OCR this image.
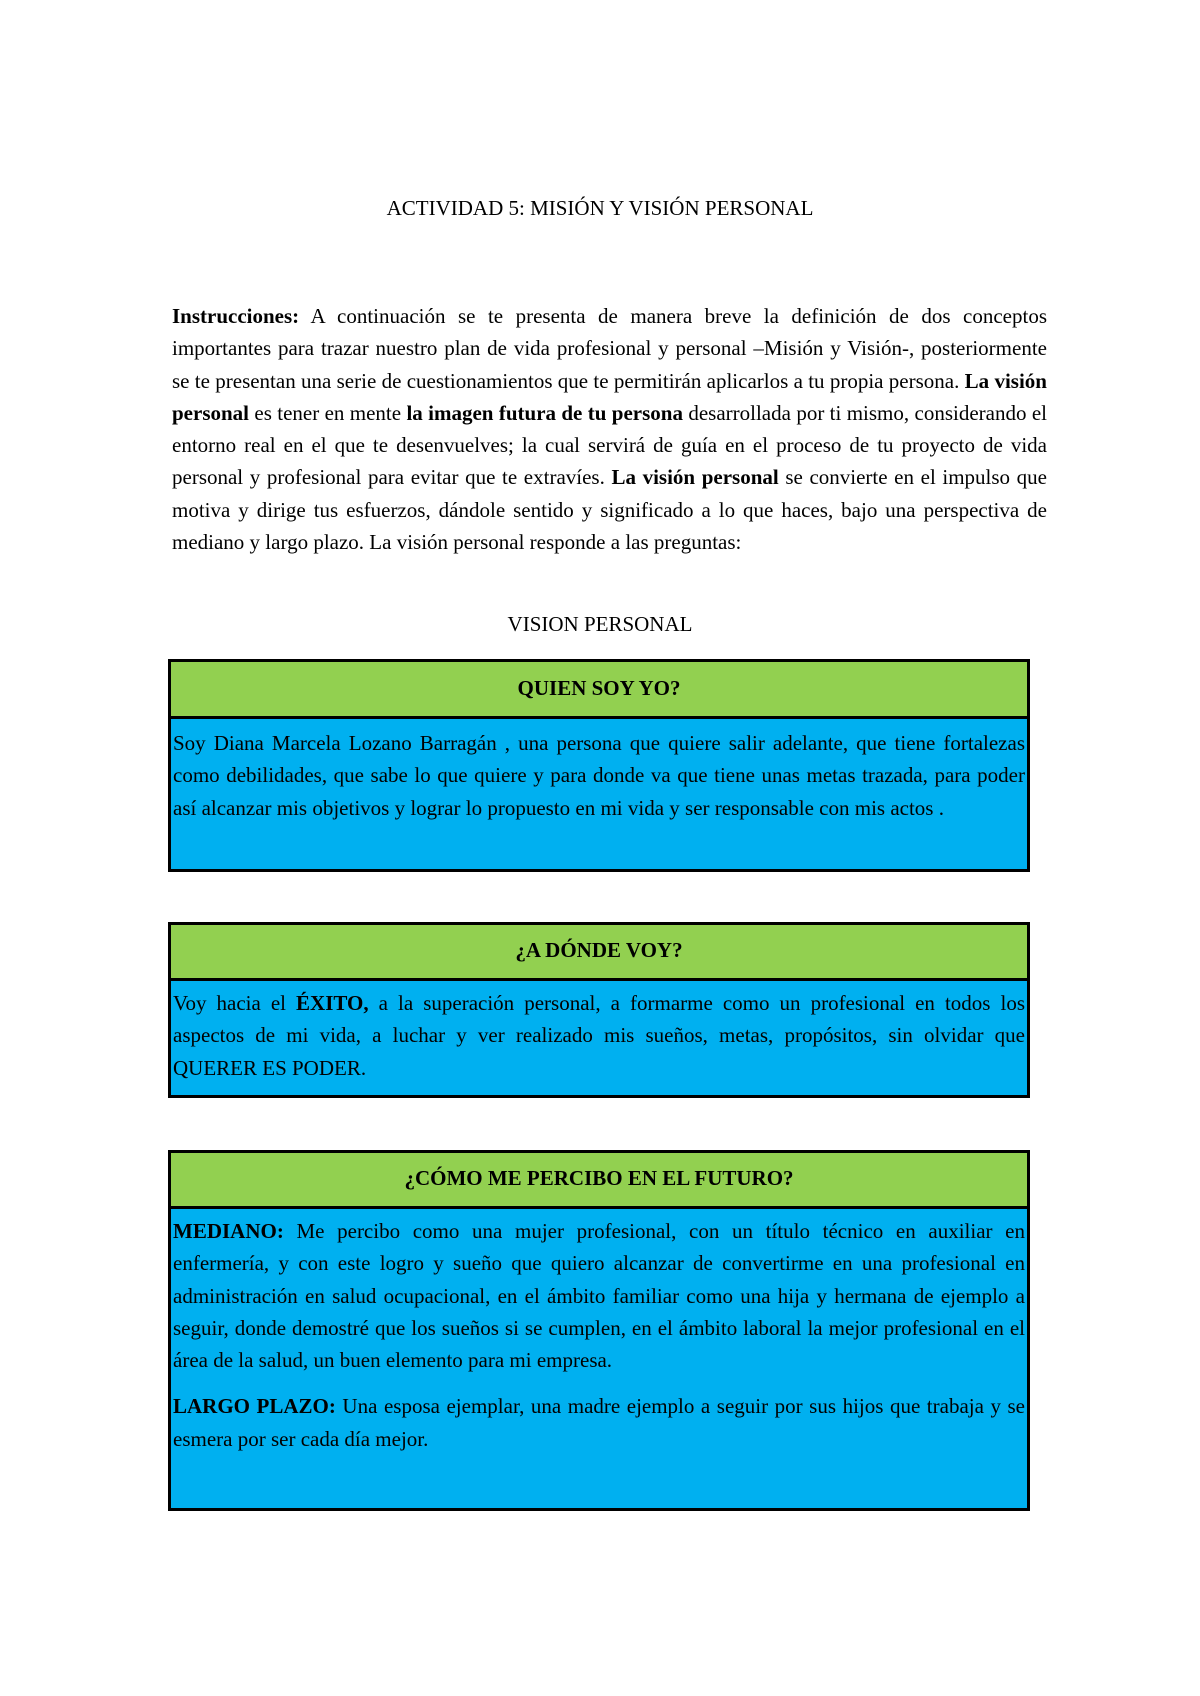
ACTIVIDAD 5: MISIÓN Y VISIÓN PERSONAL

Instrucciones: A continuación se te presenta de manera breve la definición de dos conceptos importantes para trazar nuestro plan de vida profesional y personal –Misión y Visión-, posteriormente se te presentan una serie de cuestionamientos que te permitirán aplicarlos a tu propia persona. La visión personal es tener en mente la imagen futura de tu persona desarrollada por ti mismo, considerando el entorno real en el que te desenvuelves; la cual servirá de guía en el proceso de tu proyecto de vida personal y profesional para evitar que te extravíes. La visión personal se convierte en el impulso que motiva y dirige tus esfuerzos, dándole sentido y significado a lo que haces, bajo una perspectiva de mediano y largo plazo. La visión personal responde a las preguntas:

VISION PERSONAL
QUIEN SOY YO?

Soy Diana Marcela Lozano Barragán , una persona que quiere salir adelante, que tiene fortalezas como debilidades, que sabe lo que quiere y para donde va que tiene unas metas trazada, para poder así alcanzar mis objetivos y lograr lo propuesto en mi vida y ser responsable con mis actos .

¿A DÓNDE VOY?

Voy hacia el ÉXITO, a la superación personal, a formarme como un profesional en todos los aspectos de mi vida, a luchar y ver realizado mis sueños, metas, propósitos, sin olvidar que QUERER ES PODER.

¿CÓMO ME PERCIBO EN EL FUTURO?

MEDIANO: Me percibo como una mujer profesional, con un título técnico en auxiliar en enfermería, y con este logro y sueño que quiero alcanzar de convertirme en una profesional en administración en salud ocupacional, en el ámbito familiar como una hija y hermana de ejemplo a seguir, donde demostré que los sueños si se cumplen, en el ámbito laboral la mejor profesional en el área de la salud, un buen elemento para mi empresa.

LARGO PLAZO: Una esposa ejemplar, una madre ejemplo a seguir por sus hijos que trabaja y se esmera por ser cada día mejor.
